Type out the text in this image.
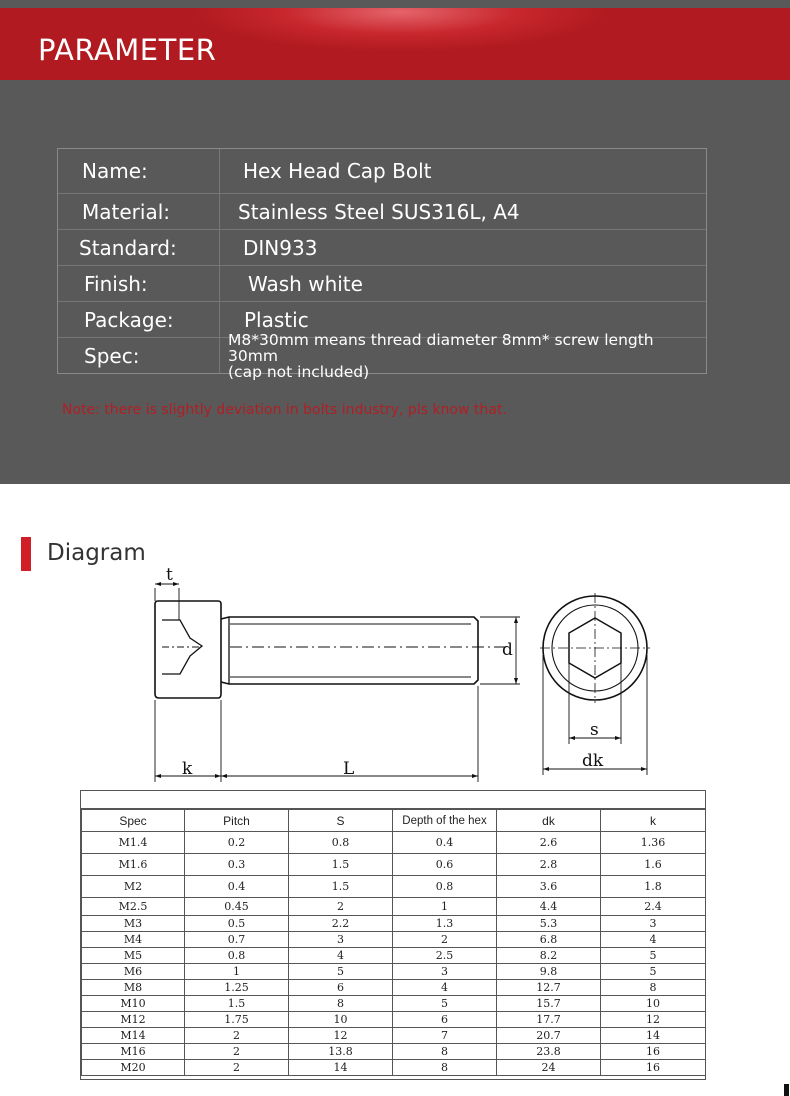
PARAMETER
Name:	Hex Head Cap Bolt
Material:	Stainless Steel SUS316L, A4
Standard:	DIN933
Finish:	Wash white
Package:	Plastic
Spec:
M8*30mm means thread diameter 8mm* screw length 30mm
(cap not included)
Note: there is slightly deviation in bolts industry, pls know that.
Diagram
t
d
k	L
s
dk
Spec	Pitch	S	Depth of the hex	dk	k
M1.4	0.2	0.8	0.4	2.6	1.36
M1.6	0.3	1.5	0.6	2.8	1.6
M2	0.4	1.5	0.8	3.6	1.8
M2.5	0.45	2	1	4.4	2.4
M3	0.5	2.2	1.3	5.3	3
M4	0.7	3	2	6.8	4
M5	0.8	4	2.5	8.2	5
M6	1	5	3	9.8	5
M8	1.25	6	4	12.7	8
M10	1.5	8	5	15.7	10
M12	1.75	10	6	17.7	12
M14	2	12	7	20.7	14
M16	2	13.8	8	23.8	16
M20	2	14	8	24	16
